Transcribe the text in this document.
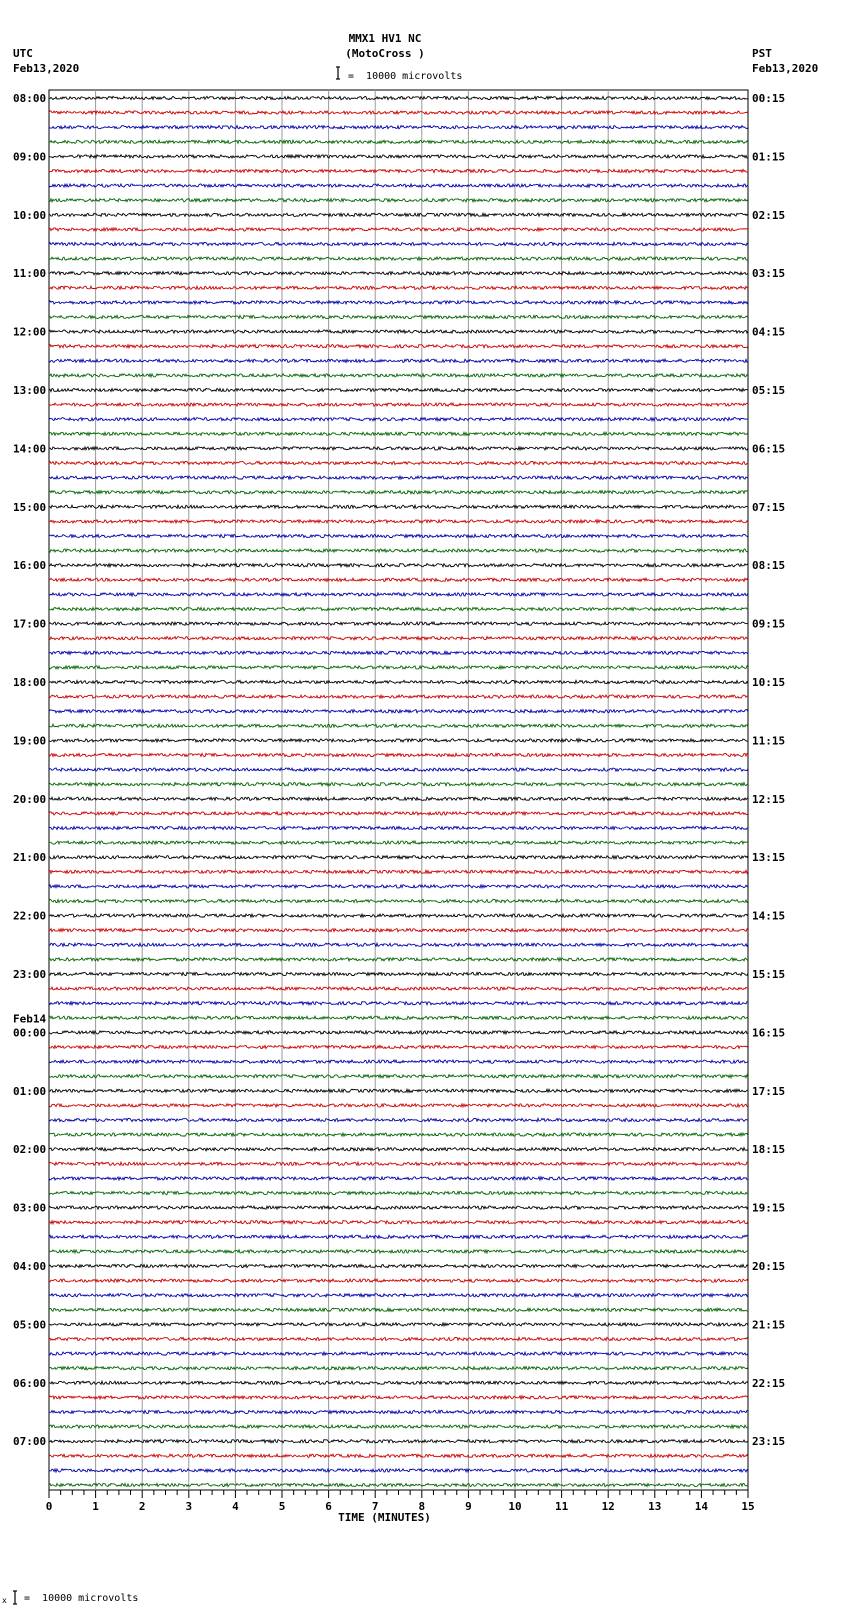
MMX1 HV1 NC
(MotoCross )
UTC
Feb13,2020
PST
Feb13,2020
=  10000 microvolts
=  10000 microvolts
x
08:00
09:00
10:00
11:00
12:00
13:00
14:00
15:00
16:00
17:00
18:00
19:00
20:00
21:00
22:00
23:00
00:00
01:00
02:00
03:00
04:00
05:00
06:00
07:00
00:15
01:15
02:15
03:15
04:15
05:15
06:15
07:15
08:15
09:15
10:15
11:15
12:15
13:15
14:15
15:15
16:15
17:15
18:15
19:15
20:15
21:15
22:15
23:15
Feb14
0	1	2	3	4	5	6	7	8	9	10	11	12	13	14	15
TIME (MINUTES)
